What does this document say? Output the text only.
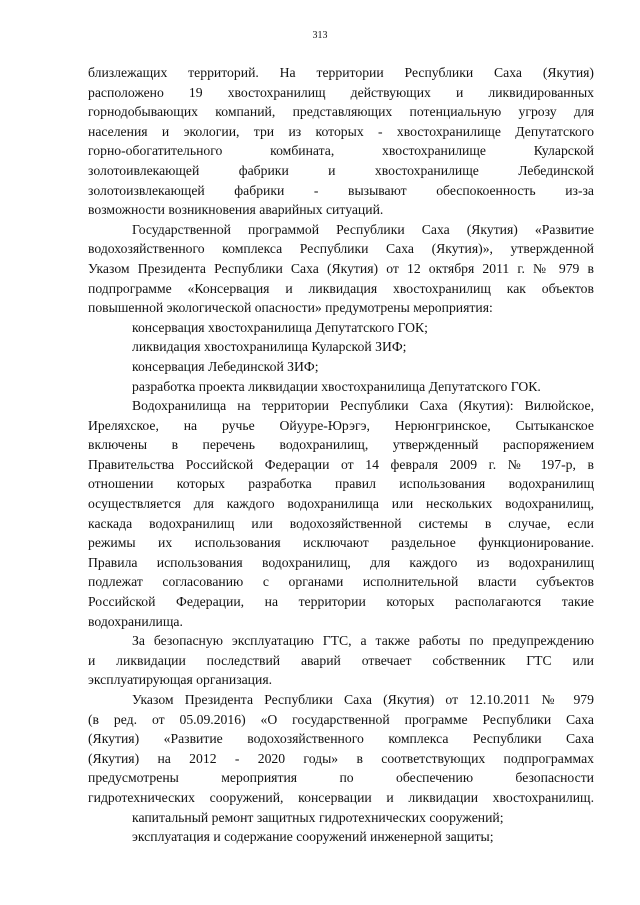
313
близлежащих территорий. На территории Республики Саха (Якутия)
расположено 19 хвостохранилищ действующих и ликвидированных
горнодобывающих компаний, представляющих потенциальную угрозу для
населения и экологии, три из которых - хвостохранилище Депутатского
горно-обогатительного комбината, хвостохранилище Куларской
золотоивлекающей фабрики и хвостохранилище Лебединской
золотоизвлекающей фабрики - вызывают обеспокоенность из-за
возможности возникновения аварийных ситуаций.
Государственной программой Республики Саха (Якутия) «Развитие
водохозяйственного комплекса Республики Саха (Якутия)», утвержденной
Указом Президента Республики Саха (Якутия) от 12 октября 2011 г. № 979 в
подпрограмме «Консервация и ликвидация хвостохранилищ как объектов
повышенной экологической опасности» предумотрены мероприятия:
консервация хвостохранилища Депутатского ГОК;
ликвидация хвостохранилища Куларской ЗИФ;
консервация Лебединской ЗИФ;
разработка проекта ликвидации хвостохранилища Депутатского ГОК.
Водохранилища на территории Республики Саха (Якутия): Вилюйское,
Иреляхское, на ручье Ойууре-Юрэгэ, Нерюнгринское, Сытыканское
включены в перечень водохранилищ, утвержденный распоряжением
Правительства Российской Федерации от 14 февраля 2009 г. № 197-р, в
отношении которых разработка правил использования водохранилищ
осуществляется для каждого водохранилища или нескольких водохранилищ,
каскада водохранилищ или водохозяйственной системы в случае, если
режимы их использования исключают раздельное функционирование.
Правила использования водохранилищ, для каждого из водохранилищ
подлежат согласованию с органами исполнительной власти субъектов
Российской Федерации, на территории которых располагаются такие
водохранилища.
За безопасную эксплуатацию ГТС, а также работы по предупреждению
и ликвидации последствий аварий отвечает собственник ГТС или
эксплуатирующая организация.
Указом Президента Республики Саха (Якутия) от 12.10.2011 № 979
(в ред. от 05.09.2016) «О государственной программе Республики Саха
(Якутия) «Развитие водохозяйственного комплекса Республики Саха
(Якутия) на 2012 - 2020 годы» в соответствующих подпрограммах
предусмотрены мероприятия по обеспечению безопасности
гидротехнических сооружений, консервации и ликвидации хвостохранилищ.
капитальный ремонт защитных гидротехнических сооружений;
эксплуатация и содержание сооружений инженерной защиты;
